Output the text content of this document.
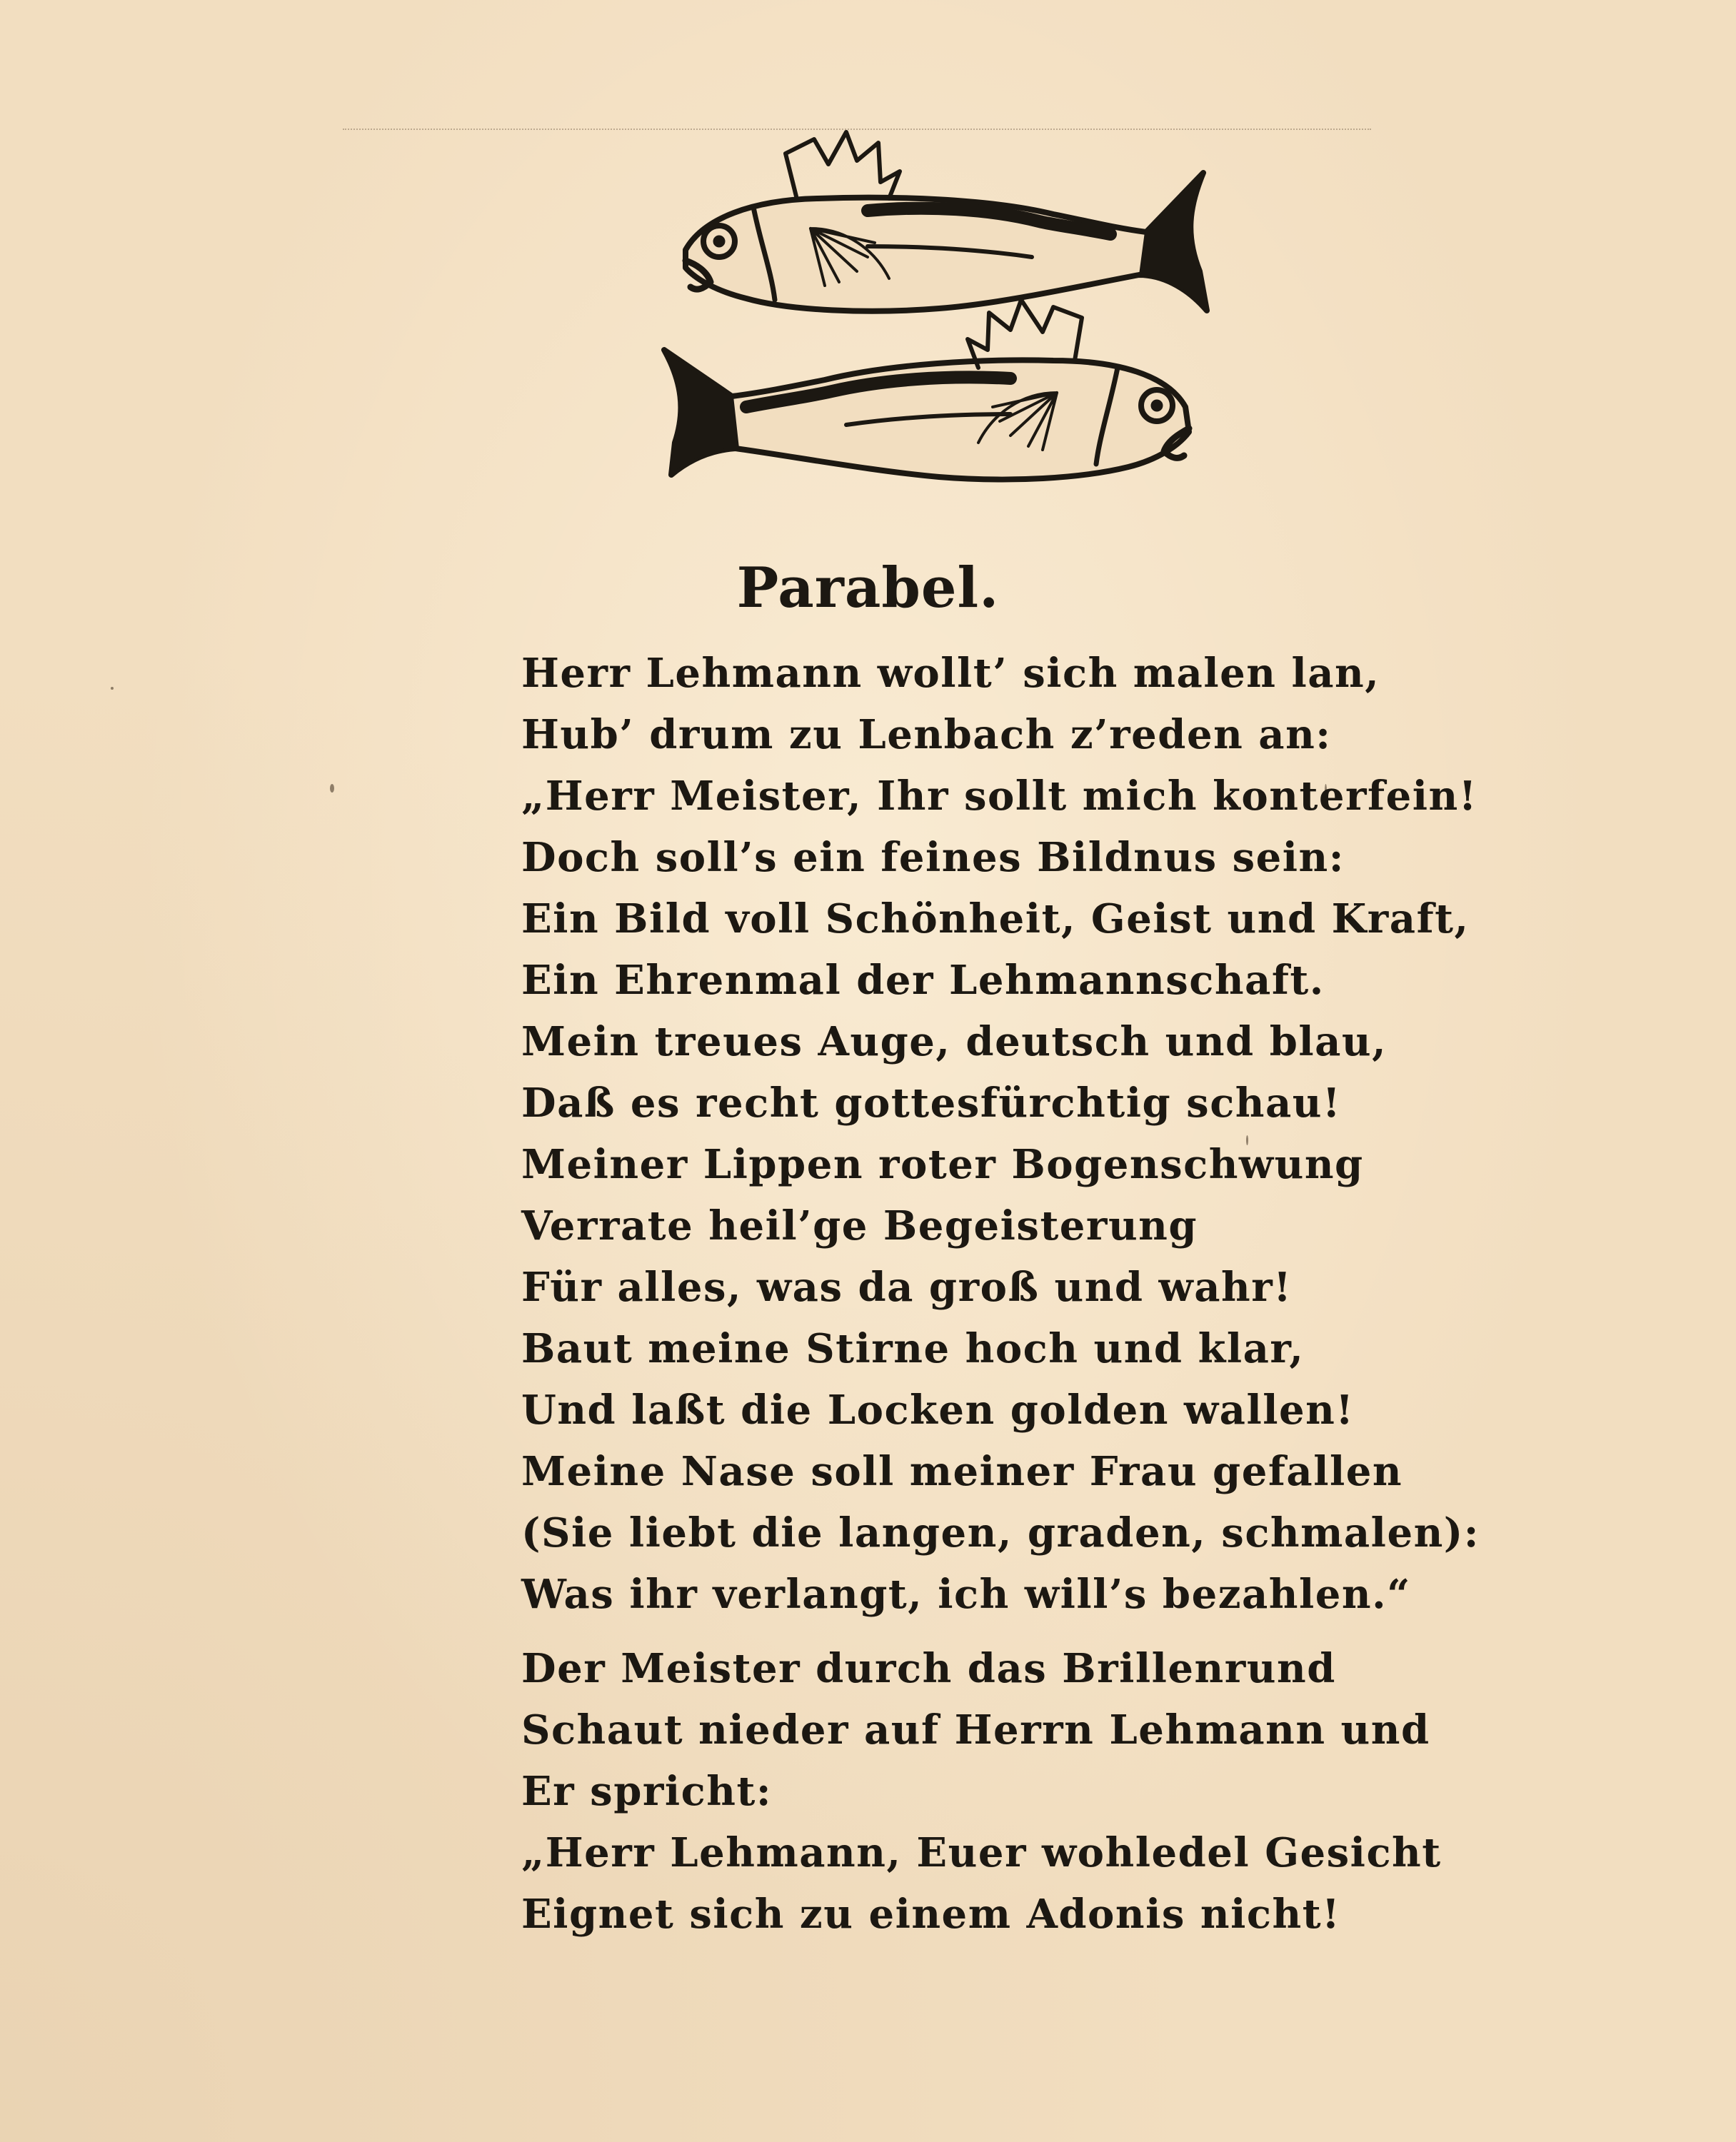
Parabel.
Herr Lehmann wollt’ sich malen lan,
Hub’ drum zu Lenbach z’reden an:
„Herr Meister, Ihr sollt mich konterfein!
Doch soll’s ein feines Bildnus sein:
Ein Bild voll Schönheit, Geist und Kraft,
Ein Ehrenmal der Lehmannschaft.
Mein treues Auge, deutsch und blau,
Daß es recht gottesfürchtig schau!
Meiner Lippen roter Bogenschwung
Verrate heil’ge Begeisterung
Für alles, was da groß und wahr!
Baut meine Stirne hoch und klar,
Und laßt die Locken golden wallen!
Meine Nase soll meiner Frau gefallen
(Sie liebt die langen, graden, schmalen):
Was ihr verlangt, ich will’s bezahlen.“
Der Meister durch das Brillenrund
Schaut nieder auf Herrn Lehmann und
Er spricht:
„Herr Lehmann, Euer wohledel Gesicht
Eignet sich zu einem Adonis nicht!
